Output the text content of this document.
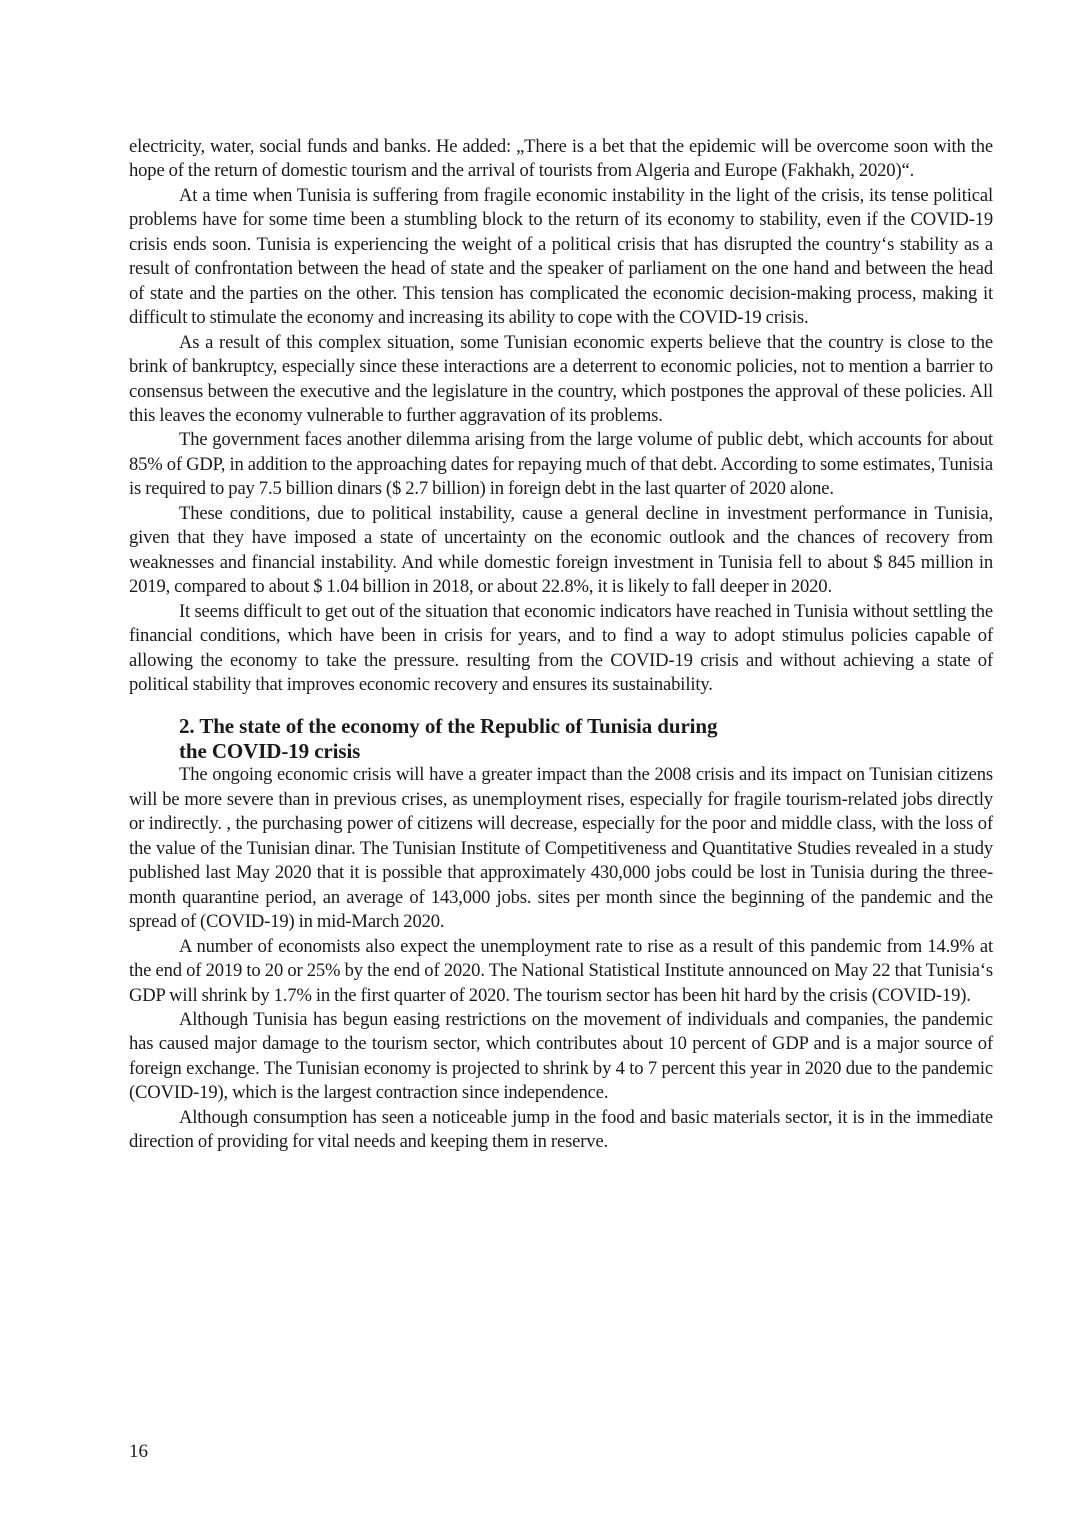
electricity, water, social funds and banks. He added: „There is a bet that the epidemic will be overcome soon with the hope of the return of domestic tourism and the arrival of tourists from Algeria and Europe (Fakhakh, 2020)“.

At a time when Tunisia is suffering from fragile economic instability in the light of the crisis, its tense political problems have for some time been a stumbling block to the return of its economy to stability, even if the COVID-19 crisis ends soon. Tunisia is experiencing the weight of a political crisis that has disrupted the country‘s stability as a result of confrontation between the head of state and the speaker of parliament on the one hand and between the head of state and the parties on the other. This tension has complicated the economic decision-making process, making it difficult to stimulate the economy and increasing its ability to cope with the COVID-19 crisis.

As a result of this complex situation, some Tunisian economic experts believe that the country is close to the brink of bankruptcy, especially since these interactions are a deterrent to economic policies, not to mention a barrier to consensus between the executive and the legislature in the country, which postpones the approval of these policies. All this leaves the economy vulnerable to further aggravation of its problems.

The government faces another dilemma arising from the large volume of public debt, which accounts for about 85% of GDP, in addition to the approaching dates for repaying much of that debt. According to some estimates, Tunisia is required to pay 7.5 billion dinars ($ 2.7 billion) in foreign debt in the last quarter of 2020 alone.

These conditions, due to political instability, cause a general decline in investment performance in Tunisia, given that they have imposed a state of uncertainty on the economic outlook and the chances of recovery from weaknesses and financial instability. And while domestic foreign investment in Tunisia fell to about $ 845 million in 2019, compared to about $ 1.04 billion in 2018, or about 22.8%, it is likely to fall deeper in 2020.

It seems difficult to get out of the situation that economic indicators have reached in Tunisia without settling the financial conditions, which have been in crisis for years, and to find a way to adopt stimulus policies capable of allowing the economy to take the pressure. resulting from the COVID-19 crisis and without achieving a state of political stability that improves economic recovery and ensures its sustainability.

2. The state of the economy of the Republic of Tunisia during
the COVID-19 crisis

The ongoing economic crisis will have a greater impact than the 2008 crisis and its impact on Tunisian citizens will be more severe than in previous crises, as unemployment rises, especially for fragile tourism-related jobs directly or indirectly. , the purchasing power of citizens will decrease, especially for the poor and middle class, with the loss of the value of the Tunisian dinar. The Tunisian Institute of Competitiveness and Quantitative Studies revealed in a study published last May 2020 that it is possible that approximately 430,000 jobs could be lost in Tunisia during the three-month quarantine period, an average of 143,000 jobs. sites per month since the beginning of the pandemic and the spread of (COVID-19) in mid-March 2020.

A number of economists also expect the unemployment rate to rise as a result of this pandemic from 14.9% at the end of 2019 to 20 or 25% by the end of 2020. The National Statistical Institute announced on May 22 that Tunisia‘s GDP will shrink by 1.7% in the first quarter of 2020. The tourism sector has been hit hard by the crisis (COVID-19).

Although Tunisia has begun easing restrictions on the movement of individuals and companies, the pandemic has caused major damage to the tourism sector, which contributes about 10 percent of GDP and is a major source of foreign exchange. The Tunisian economy is projected to shrink by 4 to 7 percent this year in 2020 due to the pandemic (COVID-19), which is the largest contraction since independence.

Although consumption has seen a noticeable jump in the food and basic materials sector, it is in the immediate direction of providing for vital needs and keeping them in reserve.

16
